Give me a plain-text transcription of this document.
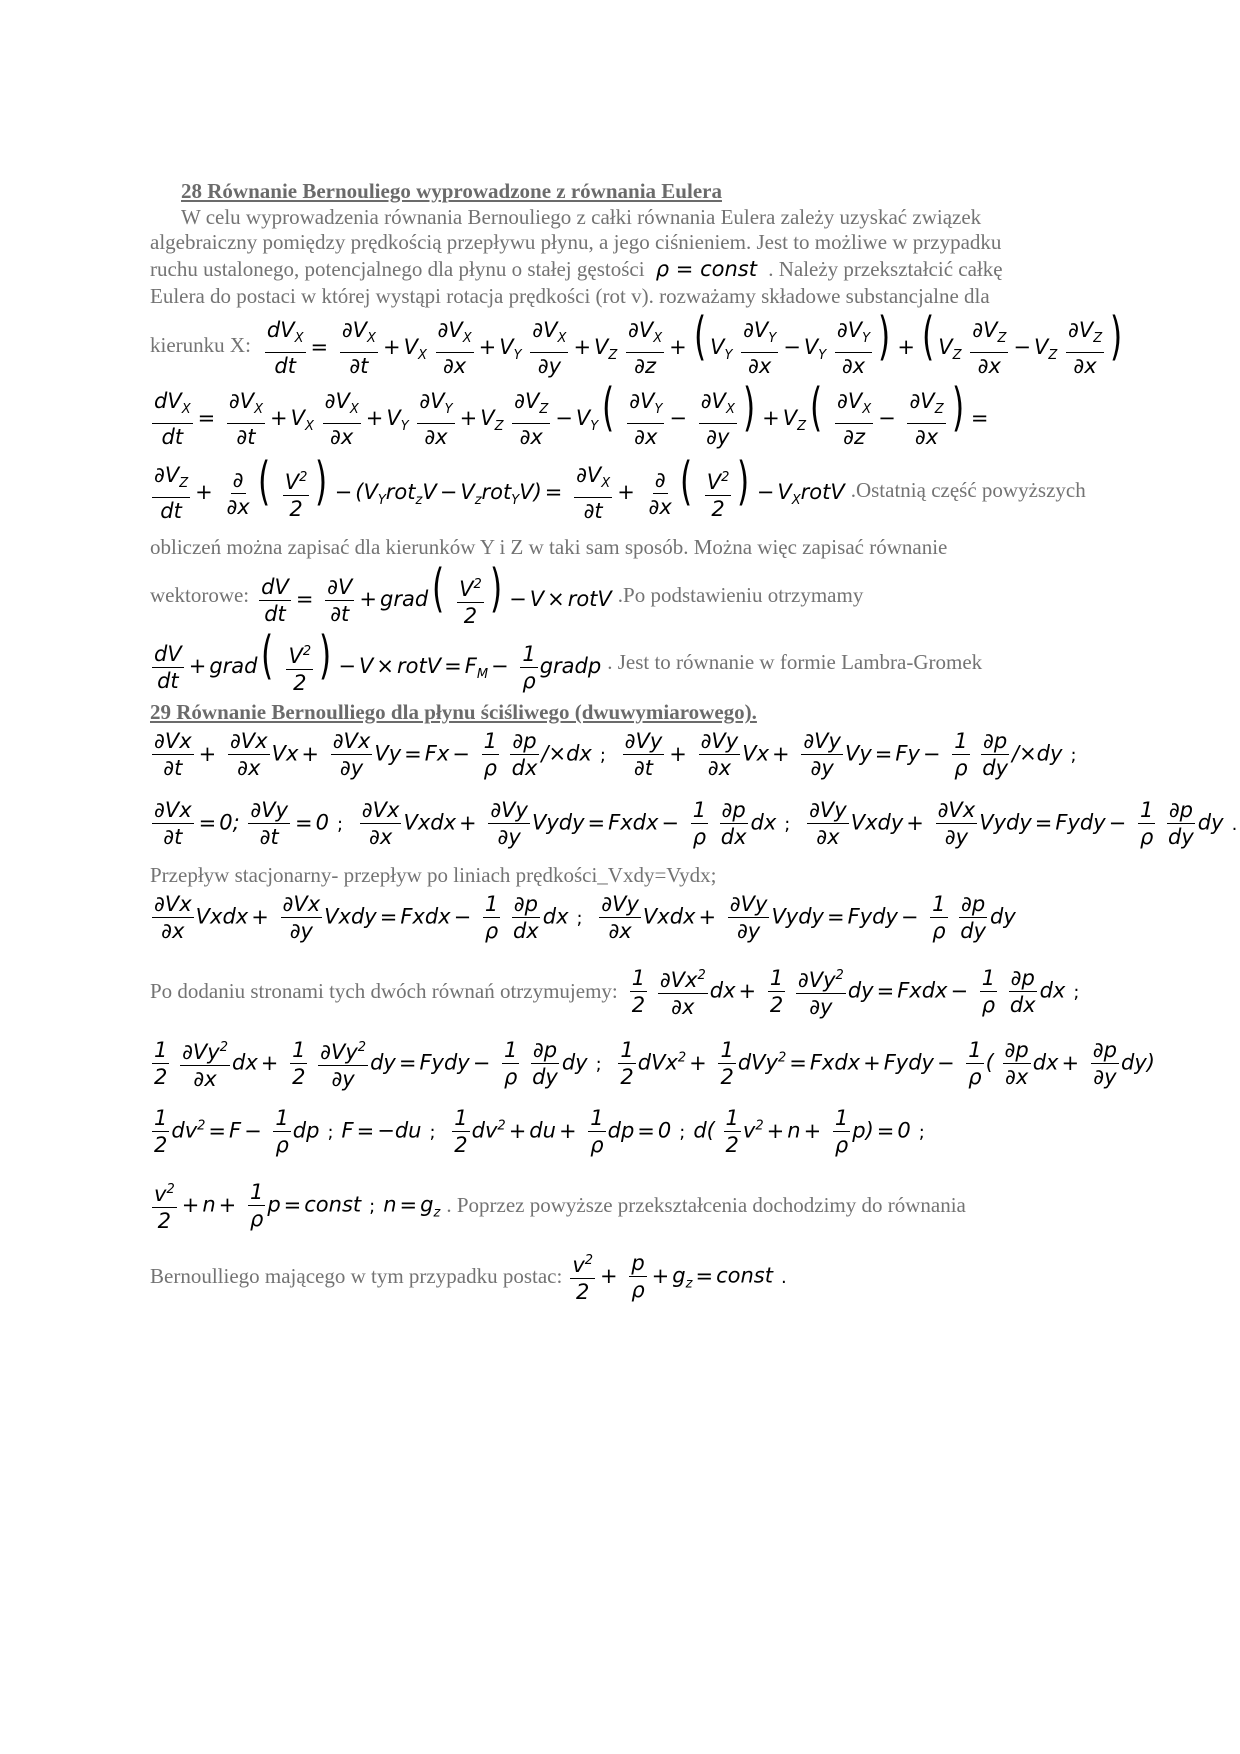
28 Równanie Bernouliego wyprowadzone z równania Eulera
W celu wyprowadzenia równania Bernouliego z całki równania Eulera zależy uzyskać związek
algebraiczny pomiędzy prędkością przepływu płynu, a jego ciśnieniem. Jest to możliwe w przypadku
ruchu ustalonego, potencjalnego dla płynu o stałej gęstości ρ = const . Należy przekształcić całkę
Eulera do postaci w której wystąpi rotacja prędkości (rot v). rozważamy składowe substancjalne dla
kierunku X: $\frac{dV_X}{dt} = \frac{\partial V_X}{\partial t} + V_X \frac{\partial V_X}{\partial x} + V_Y \frac{\partial V_X}{\partial y} + V_Z \frac{\partial V_X}{\partial z}$ + ( $V_Y \frac{\partial V_Y}{\partial x} - V_Y \frac{\partial V_Y}{\partial x}$ ) + ( $V_Z \frac{\partial V_Z}{\partial x} - V_Z \frac{\partial V_Z}{\partial x}$ )
$\frac{dV_X}{dt} = \frac{\partial V_X}{\partial t} + V_X \frac{\partial V_X}{\partial x} + V_Y \frac{\partial V_Y}{\partial x} + V_Z \frac{\partial V_Z}{\partial x} - V_Y( \frac{\partial V_Y}{\partial x} - \frac{\partial V_X}{\partial y}$ ) + $V_Z( \frac{\partial V_X}{\partial z} - \frac{\partial V_Z}{\partial x}$ ) =
$\frac{\partial V_Z}{dt} + \frac{\partial}{\partial x}$ ( $\frac{V^2}{2}$ ) − $(V_Yrot_zV - V_zrot_YV) = \frac{\partial V_X}{\partial t} + \frac{\partial}{\partial x}$ ( $\frac{V^2}{2}$ ) − $V_XrotV$ .Ostatnią część powyższych
obliczeń można zapisać dla kierunków Y i Z w taki sam sposób. Można więc zapisać równanie
wektorowe: $\frac{dV}{dt} = \frac{\partial V}{\partial t}$ + grad( $\frac{V^2}{2}$ ) − V × rotV .Po podstawieniu otrzymamy
$\frac{dV}{dt}$ + grad( $\frac{V^2}{2}$ ) − V × rotV = $F_M - \frac{1}{\rho}$ gradp . Jest to równanie w formie Lambra-Gromek
29 Równanie Bernoulliego dla płynu ściśliwego (dwuwymiarowego).
$\frac{\partial Vx}{\partial t} + \frac{\partial Vx}{\partial x}$ $Vx + \frac{\partial Vx}{\partial y}$ $Vy = Fx - \frac{1}{\rho}$
$\frac{\partial p}{dx} /\times dx$ ; $\frac{\partial Vy}{\partial t} + \frac{\partial Vy}{\partial x}$ $Vx + \frac{\partial Vy}{\partial y}$ $Vy = Fy - \frac{1}{\rho}$
$\frac{\partial p}{dy} /\times dy$ ;
$\frac{\partial Vx}{\partial t} = 0$; $\frac{\partial Vy}{\partial t} = 0$ ; $\frac{\partial Vx}{\partial x}$ Vxdx + $\frac{\partial Vy}{\partial y}$ Vydy = Fxdx − $\frac{1}{\rho}$
$\frac{\partial p}{dx}$ dx ; $\frac{\partial Vy}{\partial x}$ Vxdy + $\frac{\partial Vx}{\partial y}$ Vydy = Fydy − $\frac{1}{\rho}$
$\frac{\partial p}{dy}$ dy .
Przepływ stacjonarny- przepływ po liniach prędkości_Vxdy=Vydx;
$\frac{\partial Vx}{\partial x}$ Vxdx + $\frac{\partial Vx}{\partial y}$ Vxdy = Fxdx − $\frac{1}{\rho}$
$\frac{\partial p}{dx}$ dx ; $\frac{\partial Vy}{\partial x}$ Vxdx + $\frac{\partial Vy}{\partial y}$ Vydy = Fydy − $\frac{1}{\rho}$
$\frac{\partial p}{dy}$ dy
Po dodaniu stronami tych dwóch równań otrzymujemy: $\frac{1}{2}$
$\frac{\partial Vx^2}{\partial x}$ dx + $\frac{1}{2}$
$\frac{\partial Vy^2}{\partial y}$ dy = Fxdx − $\frac{1}{\rho}$
$\frac{\partial p}{dx}$ dx ;
$\frac{1}{2}$
$\frac{\partial Vy^2}{\partial x}$ dx + $\frac{1}{2}$
$\frac{\partial Vy^2}{\partial y}$ dy = Fydy − $\frac{1}{\rho}$
$\frac{\partial p}{dy}$ dy ; $\frac{1}{2} dVx^2 + \frac{1}{2} dVy^2$ = Fxdx + Fydy − $\frac{1}{\rho}$ ( $\frac{\partial p}{\partial x}$ dx + $\frac{\partial p}{\partial y} dy$)
$\frac{1}{2} dv^2 = F - \frac{1}{\rho}$ dp ; F = −du ; $\frac{1}{2} dv^2$ + du + $\frac{1}{\rho}$ dp = 0 ; $d( \frac{1}{2} v^2 + n + \frac{1}{\rho} p) = 0$ ;
$\frac{v^2}{2} + n + \frac{1}{\rho}$ p = const ; $n = g_z$ . Poprzez powyższe przekształcenia dochodzimy do równania
Bernoulliego mającego w tym przypadku postac: $\frac{v^2}{2} + \frac{p}{\rho} + g_z$ = const .
